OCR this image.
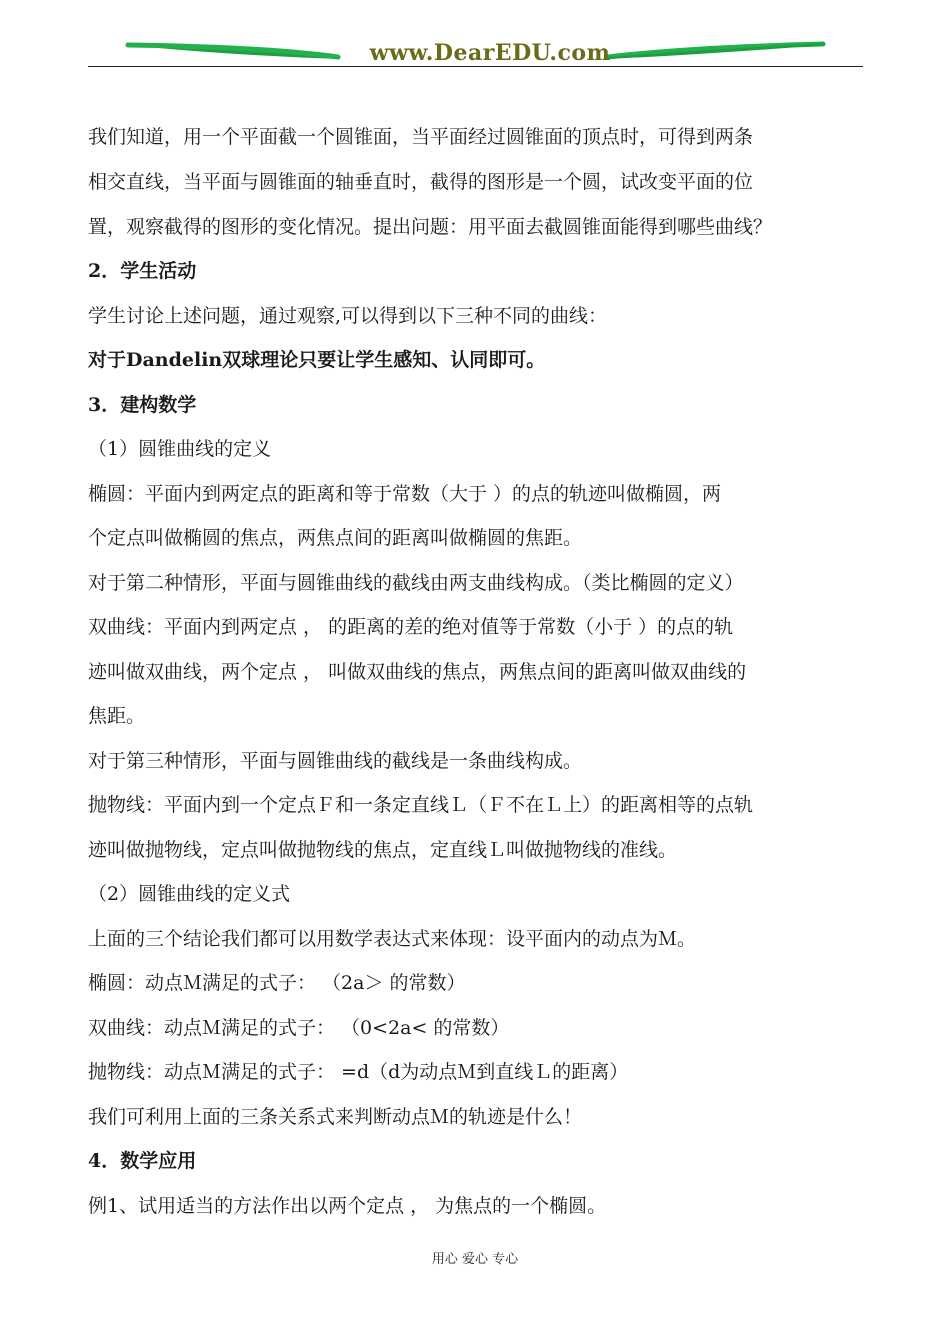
www.DearEDU.com
我们知道，用一个平面截一个圆锥面，当平面经过圆锥面的顶点时，可得到两条
相交直线，当平面与圆锥面的轴垂直时，截得的图形是一个圆，试改变平面的位
置，观察截得的图形的变化情况。提出问题：用平面去截圆锥面能得到哪些曲线？
2．学生活动
学生讨论上述问题，通过观察,可以得到以下三种不同的曲线：
对于Dandelin双球理论只要让学生感知、认同即可。
3．建构数学
（1）圆锥曲线的定义
椭圆：平面内到两定点的距离和等于常数（大于 ）的点的轨迹叫做椭圆，两
个定点叫做椭圆的焦点，两焦点间的距离叫做椭圆的焦距。
对于第二种情形，平面与圆锥曲线的截线由两支曲线构成。（类比椭圆的定义）
双曲线：平面内到两定点 ， 的距离的差的绝对值等于常数（小于 ）的点的轨
迹叫做双曲线，两个定点 ， 叫做双曲线的焦点，两焦点间的距离叫做双曲线的
焦距。
对于第三种情形，平面与圆锥曲线的截线是一条曲线构成。
抛物线：平面内到一个定点Ｆ和一条定直线Ｌ（Ｆ不在Ｌ上）的距离相等的点轨
迹叫做抛物线，定点叫做抛物线的焦点，定直线Ｌ叫做抛物线的准线。
（2）圆锥曲线的定义式
上面的三个结论我们都可以用数学表达式来体现：设平面内的动点为Ｍ。
椭圆：动点Ｍ满足的式子： （2a＞ 的常数）
双曲线：动点Ｍ满足的式子： （0<2a< 的常数）
抛物线：动点Ｍ满足的式子： =d（d为动点Ｍ到直线Ｌ的距离）
我们可利用上面的三条关系式来判断动点Ｍ的轨迹是什么！
4．数学应用
例1、试用适当的方法作出以两个定点 ， 为焦点的一个椭圆。
用心 爱心 专心
